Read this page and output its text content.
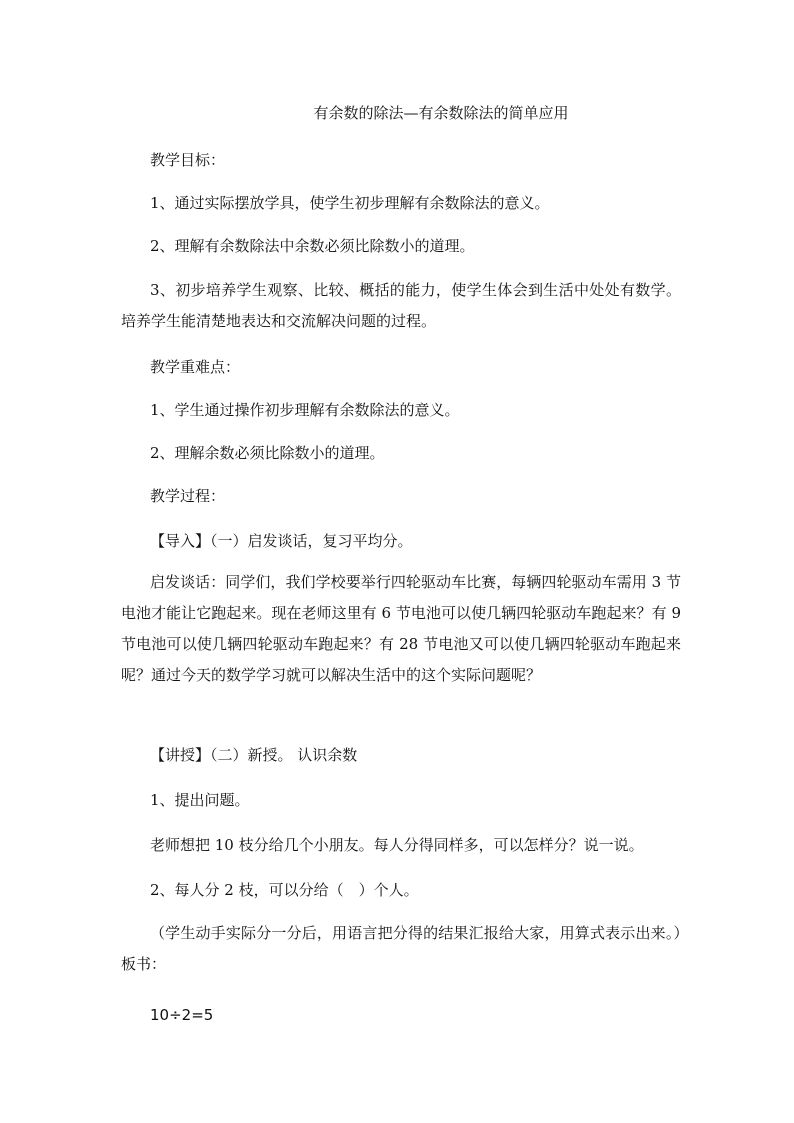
有余数的除法—有余数除法的简单应用
教学目标：
1、通过实际摆放学具，使学生初步理解有余数除法的意义。
2、理解有余数除法中余数必须比除数小的道理。

3、初步培养学生观察、比较、概括的能力，使学生体会到生活中处处有数学。培养学生能清楚地表达和交流解决问题的过程。

教学重难点：
1、学生通过操作初步理解有余数除法的意义。
2、理解余数必须比除数小的道理。
教学过程：
【导入】（一）启发谈话，复习平均分。

启发谈话：同学们，我们学校要举行四轮驱动车比赛，每辆四轮驱动车需用 3 节电池才能让它跑起来。现在老师这里有 6 节电池可以使几辆四轮驱动车跑起来？有 9 节电池可以使几辆四轮驱动车跑起来？有 28 节电池又可以使几辆四轮驱动车跑起来呢？通过今天的数学学习就可以解决生活中的这个实际问题呢？

【讲授】（二）新授。 认识余数
1、提出问题。
老师想把 10 枝分给几个小朋友。每人分得同样多，可以怎样分？说一说。
2、每人分 2 枝，可以分给（　）个人。

（学生动手实际分一分后，用语言把分得的结果汇报给大家，用算式表示出来。）板书：

10÷2=5
